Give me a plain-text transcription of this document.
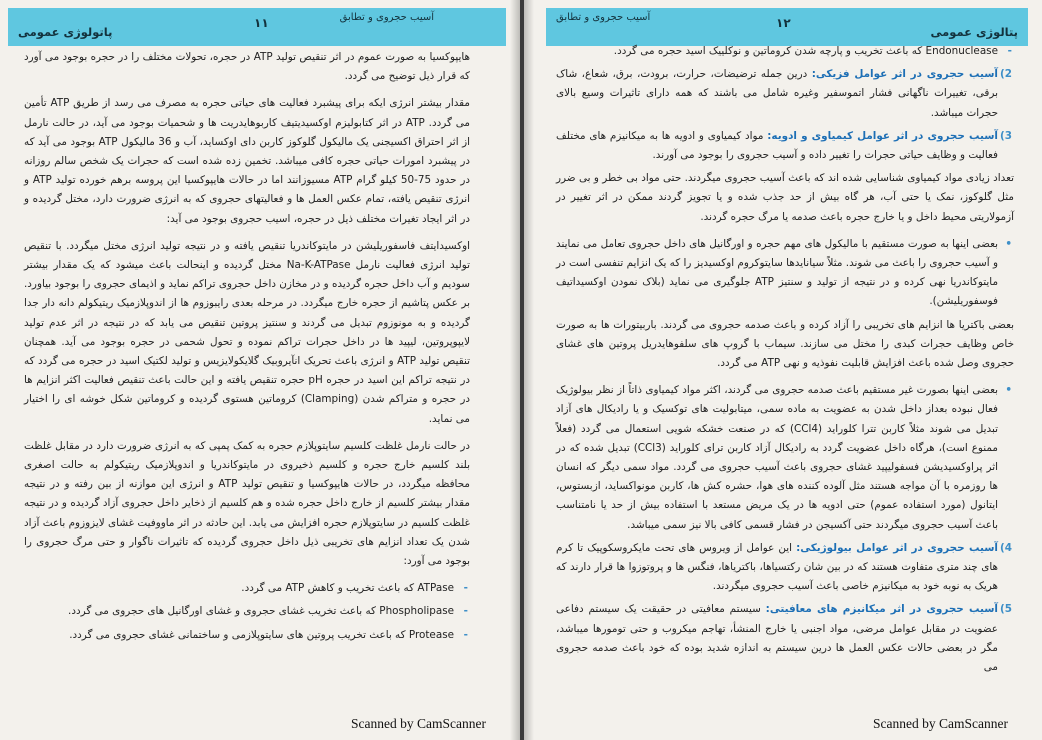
پاتولوژی عمومی
۱۱	آسیب حجروی و تطابق

هایپوکسیا به صورت عموم در اثر تنقیص تولید ATP در حجره، تحولات مختلف را در حجره بوجود می آورد که قرار ذیل توضیح می گردد.

مقدار بیشتر انرژی ایکه برای پیشبرد فعالیت های حیاتی حجره به مصرف می رسد از طریق ATP تأمین می گردد. ATP در اثر کتابولیزم اوکسیدیتیف کاربوهایدریت ها و شحمیات بوجود می آید، در حالت نارمل از اثر احتراق اکسیجنی یک مالیکول گلوکوز کاربن دای اوکساید، آب و 36 مالیکول ATP بوجود می آید که در پیشبرد امورات حیاتی حجره کافی میباشد. تخمین زده شده است که حجرات یک شخص سالم روزانه در حدود 75-50 کیلو گرام ATP مسیوزانند اما در حالات هایپوکسیا این پروسه برهم خورده تولید ATP و انرژی تنقیص یافته، تمام عکس العمل ها و فعالیتهای حجروی که به انرژی ضرورت دارد، مختل گردیده و در اثر ایجاد تغیرات مختلف ذیل در حجره، اسیب حجروی بوجود می آید:

اوکسیدایتف فاسفوریلیشن در مایتوکاندریا تنقیص یافته و در نتیجه تولید انرژی مختل میگردد. با تنقیص تولید انرژی فعالیت نارمل Na-K-ATPase مختل گردیده و اینحالت باعث میشود که یک مقدار بیشتر سودیم و آب داخل حجره گردیده و در مخازن داخل حجروی تراکم نماید و اذیمای حجروی را بوجود بیاورد. بر عکس پتاشیم از حجره خارج میگردد. در مرحله بعدی رایبوزوم ها از اندوپلازمیک ریتیکولم دانه دار جدا گردیده و به مونوزوم تبدیل می گردند و سنتیز پروتین تنقیص می یابد که در نتیجه در اثر عدم تولید لایپوپروتین، لیپید ها در داخل حجرات تراکم نموده و تحول شحمی در حجره بوجود می آید. همچنان تنقیص تولید ATP و انرژی باعث تحریک انآیروبیک گلایکولایزیس و تولید لکتیک اسید در حجره می گردد که در نتیجه تراکم این اسید در حجره pH حجره تنقیص یافته و این حالت باعث تنقیص فعالیت اکثر انزایم ها در حجره و متراکم شدن (Clamping) کروماتین هستوی گردیده و کروماتین شکل خوشه ای را اختیار می نماید.

در حالت نارمل غلظت کلسیم سایتوپلازم حجره به کمک پمپی که به انرژی ضرورت دارد در مقابل غلظت بلند کلسیم خارج حجره و کلسیم ذخیروی در مایتوکاندریا و اندوپلازمیک ریتیکولم به حالت اصغری محافظه میگردد، در حالات هایپوکسیا و تنقیص تولید ATP و انرژی این موازنه از بین رفته و در نتیجه مقدار بیشتر کلسیم از خارج داخل حجره شده و هم کلسیم از ذخایر داخل حجروی آزاد گردیده و در نتیجه غلظت کلسیم در سایتوپلازم حجره افزایش می یابد. این حادثه در اثر ماووفیت غشای لایزوزوم باعث آزاد شدن یک تعداد انزایم های تخریبی ذیل داخل حجروی گردیده که تاثیرات ناگوار و حتی مرگ حجروی را بوجود می آورد:

-
ATPase که باعث تخریب و کاهش ATP می گردد.

-
Phospholipase که باعث تخریب غشای حجروی و غشای اورگانیل های حجروی می گردد.

-
Protease که باعث تخریب پروتین های سایتوپلازمی و ساختمانی غشای حجروی می گردد.

Scanned by CamScanner
آسیب حجروی و تطابق	۱۲
پتالوژی عمومی

-
Endonuclease که باعث تخریب و پارچه شدن کروماتین و نوکلییک اسید حجره می گردد.

2)
آسیب حجروی در اثر عوامل فزیکی: درین جمله ترضیضات، حرارت، برودت، برق، شعاع، شاک برقی، تغییرات ناگهانی فشار اتموسفیر وغیره شامل می باشند که همه دارای تاثیرات وسیع بالای حجرات میباشد.

3)
آسیب حجروی در اثر عوامل کیمیاوی و ادویه: مواد کیمیاوی و ادویه ها به میکانیزم های مختلف فعالیت و وظایف حیاتی حجرات را تغییر داده و آسیب حجروی را بوجود می آورند.

تعداد زیادی مواد کیمیاوی شناسایی شده اند که باعث آسیب حجروی میگردند. حتی مواد بی خطر و بی ضرر مثل گلوکوز، نمک یا حتی آب، هر گاه بیش از حد جذب شده و یا تجویز گردند ممکن در اثر تغییر در آزمولاریتی محیط داخل و یا خارج حجره باعث صدمه یا مرگ حجره گردند.

•
بعضی اینها به صورت مستقیم با مالیکول های مهم حجره و اورگانیل های داخل حجروی تعامل می نمایند و آسیب حجروی را باعث می شوند. مثلاً سیانایدها سایتوکروم اوکسیدیز را که یک انزایم تنفسی است در مایتوکاندریا نهی کرده و در نتیجه از تولید و سنتیز ATP جلوگیری می نماید (بلاک نمودن اوکسیداتیف فوسفوریلیشن).

بعضی باکتریا ها انزایم های تخریبی را آزاد کرده و باعث صدمه حجروی می گردند. باربیتورات ها به صورت خاص وظایف حجرات کبدی را مختل می سازند. سیماب با گروپ های سلفوهایدریل پروتین های غشای حجروی وصل شده باعث افزایش قابلیت نفوذیه و نهی ATP می گردد.

•
بعضی اینها بصورت غیر مستقیم باعث صدمه حجروی می گردند، اکثر مواد کیمیاوی ذاتاً از نظر بیولوژیک فعال نبوده بعداز داخل شدن به عضویت به ماده سمی، میتابولیت های توکسیک و یا رادیکال های آزاد تبدیل می شوند مثلاً کاربن تترا کلوراید (CCl4) که در صنعت خشکه شویی استعمال می گردد (فعلاً ممنوع است)، هرگاه داخل عضویت گردد به رادیکال آزاد کاربن ترای کلوراید (CCl3) تبدیل شده که در اثر پراوکسیدیشن فسفولیپید غشای حجروی باعث آسیب حجروی می گردد. مواد سمی دیگر که انسان ها روزمره با آن مواجه هستند مثل آلوده کننده های هوا، حشره کش ها، کاربن مونواکساید، ازبستوس، ایتانول (مورد استفاده عموم) حتی ادویه ها در یک مریض مستعد با استفاده بیش از حد یا نامتناسب باعث آسیب حجروی میگردند حتی آکسیجن در فشار قسمی کافی بالا نیز سمی میباشد.

4)
آسیب حجروی در اثر عوامل بیولوژیکی: این عوامل از ویروس های تحت مایکروسکوپیک تا کرم های چند متری متفاوت هستند که در بین شان رکتسیاها، باکتریاها، فنگس ها و پروتوزوا ها قرار دارند که هریک به نوبه خود به میکانیزم خاصی باعث آسیب حجروی میگردند.

5)
آسیب حجروی در اثر میکانیزم های معافیتی: سیستم معافیتی در حقیقت یک سیستم دفاعی عضویت در مقابل عوامل مرضی، مواد اجنبی یا خارج المنشأ، تهاجم میکروب و حتی تومورها میباشد، مگر در بعضی حالات عکس العمل ها درین سیستم به اندازه شدید بوده که خود باعث صدمه حجروی می

Scanned by CamScanner
